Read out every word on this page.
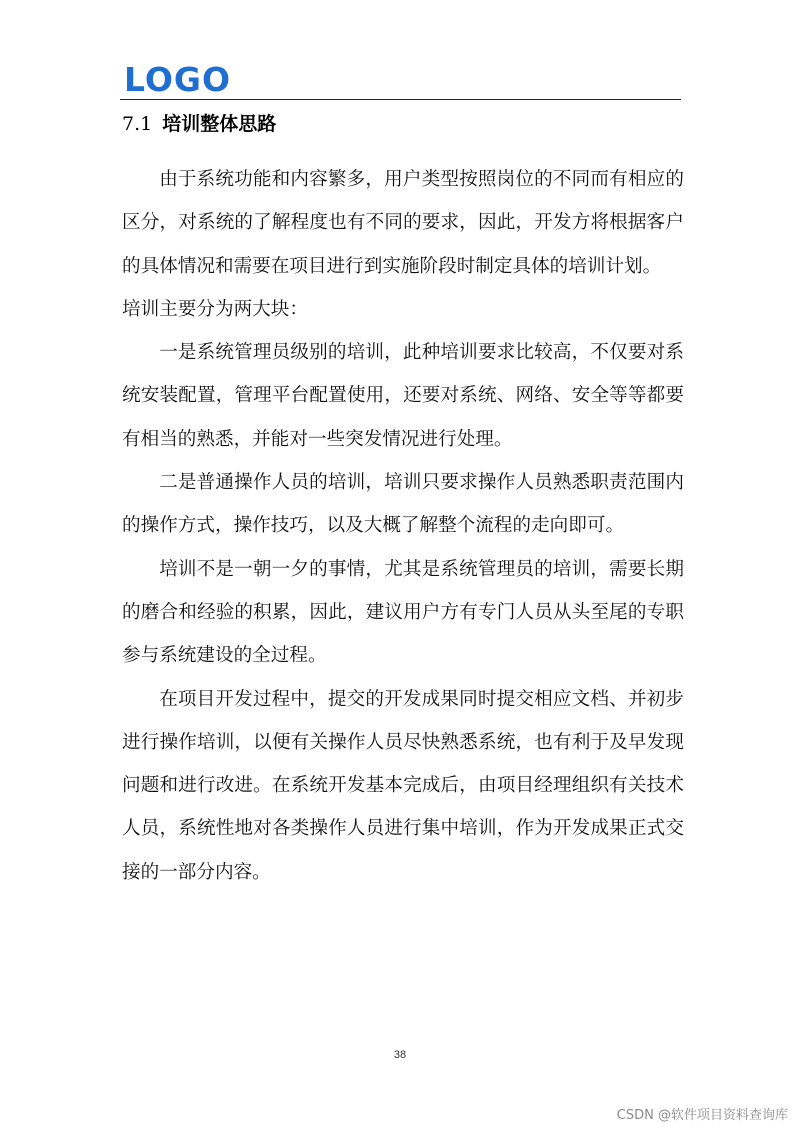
LOGO
7.1 培训整体思路

由于系统功能和内容繁多，用户类型按照岗位的不同而有相应的区分，对系统的了解程度也有不同的要求，因此，开发方将根据客户的具体情况和需要在项目进行到实施阶段时制定具体的培训计划。

培训主要分为两大块：

一是系统管理员级别的培训，此种培训要求比较高，不仅要对系统安装配置，管理平台配置使用，还要对系统、网络、安全等等都要有相当的熟悉，并能对一些突发情况进行处理。

二是普通操作人员的培训，培训只要求操作人员熟悉职责范围内的操作方式，操作技巧，以及大概了解整个流程的走向即可。

培训不是一朝一夕的事情，尤其是系统管理员的培训，需要长期的磨合和经验的积累，因此，建议用户方有专门人员从头至尾的专职参与系统建设的全过程。

在项目开发过程中，提交的开发成果同时提交相应文档、并初步进行操作培训，以便有关操作人员尽快熟悉系统，也有利于及早发现问题和进行改进。在系统开发基本完成后，由项目经理组织有关技术人员，系统性地对各类操作人员进行集中培训，作为开发成果正式交接的一部分内容。

38
CSDN @软件项目资料查询库
